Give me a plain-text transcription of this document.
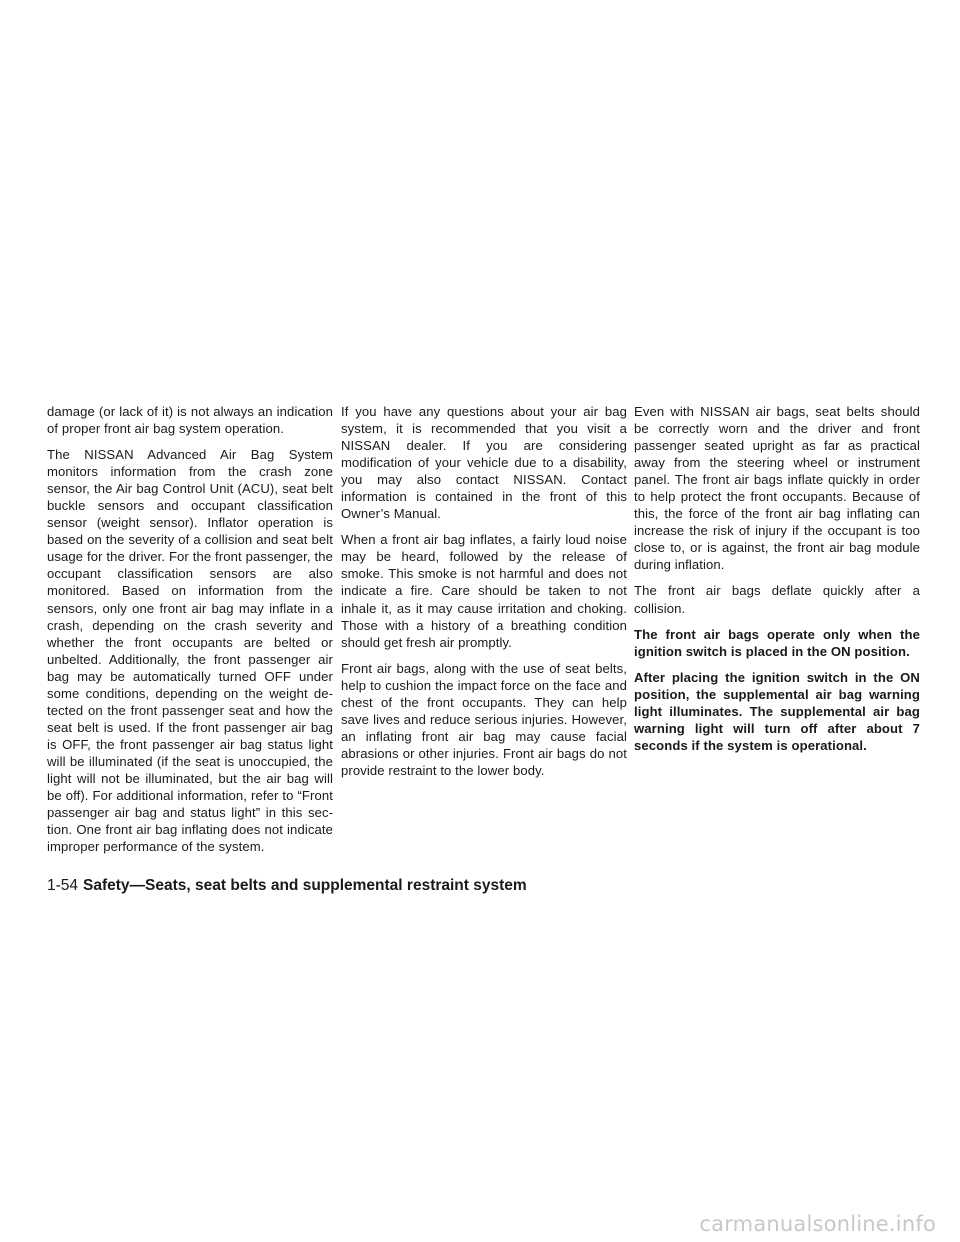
damage (or lack of it) is not always an indication of proper front air bag system operation.

The NISSAN Advanced Air Bag System monitors information from the crash zone sensor, the Air bag Control Unit (ACU), seat belt buckle sensors and occupant classification sensor (weight sensor). Inflator operation is based on the severity of a collision and seat belt usage for the driver. For the front passenger, the occupant classification sensors are also monitored. Based on information from the sensors, only one front air bag may inflate in a crash, depending on the crash severity and whether the front occupants are belted or unbelted. Additionally, the front passenger air bag may be automatically turned OFF under some conditions, depending on the weight detected on the front passenger seat and how the seat belt is used. If the front passenger air bag is OFF, the front passenger air bag status light will be illuminated (if the seat is unoccupied, the light will not be illuminated, but the air bag will be off). For additional information, refer to “Front passenger air bag and status light” in this section. One front air bag inflating does not indicate improper performance of the system.

If you have any questions about your air bag system, it is recommended that you visit a NISSAN dealer. If you are considering modification of your vehicle due to a disability, you may also contact NISSAN. Contact information is contained in the front of this Owner’s Manual.

When a front air bag inflates, a fairly loud noise may be heard, followed by the release of smoke. This smoke is not harmful and does not indicate a fire. Care should be taken to not inhale it, as it may cause irritation and choking. Those with a history of a breathing condition should get fresh air promptly.

Front air bags, along with the use of seat belts, help to cushion the impact force on the face and chest of the front occupants. They can help save lives and reduce serious injuries. However, an inflating front air bag may cause facial abrasions or other injuries. Front air bags do not provide restraint to the lower body.

Even with NISSAN air bags, seat belts should be correctly worn and the driver and front passenger seated upright as far as practical away from the steering wheel or instrument panel. The front air bags inflate quickly in order to help protect the front occupants. Because of this, the force of the front air bag inflating can increase the risk of injury if the occupant is too close to, or is against, the front air bag module during inflation.

The front air bags deflate quickly after a collision.

The front air bags operate only when the ignition switch is placed in the ON position.

After placing the ignition switch in the ON position, the supplemental air bag warning light illuminates. The supplemental air bag warning light will turn off after about 7 seconds if the system is operational.

1-54 Safety—Seats, seat belts and supplemental restraint system
carmanualsonline.info
